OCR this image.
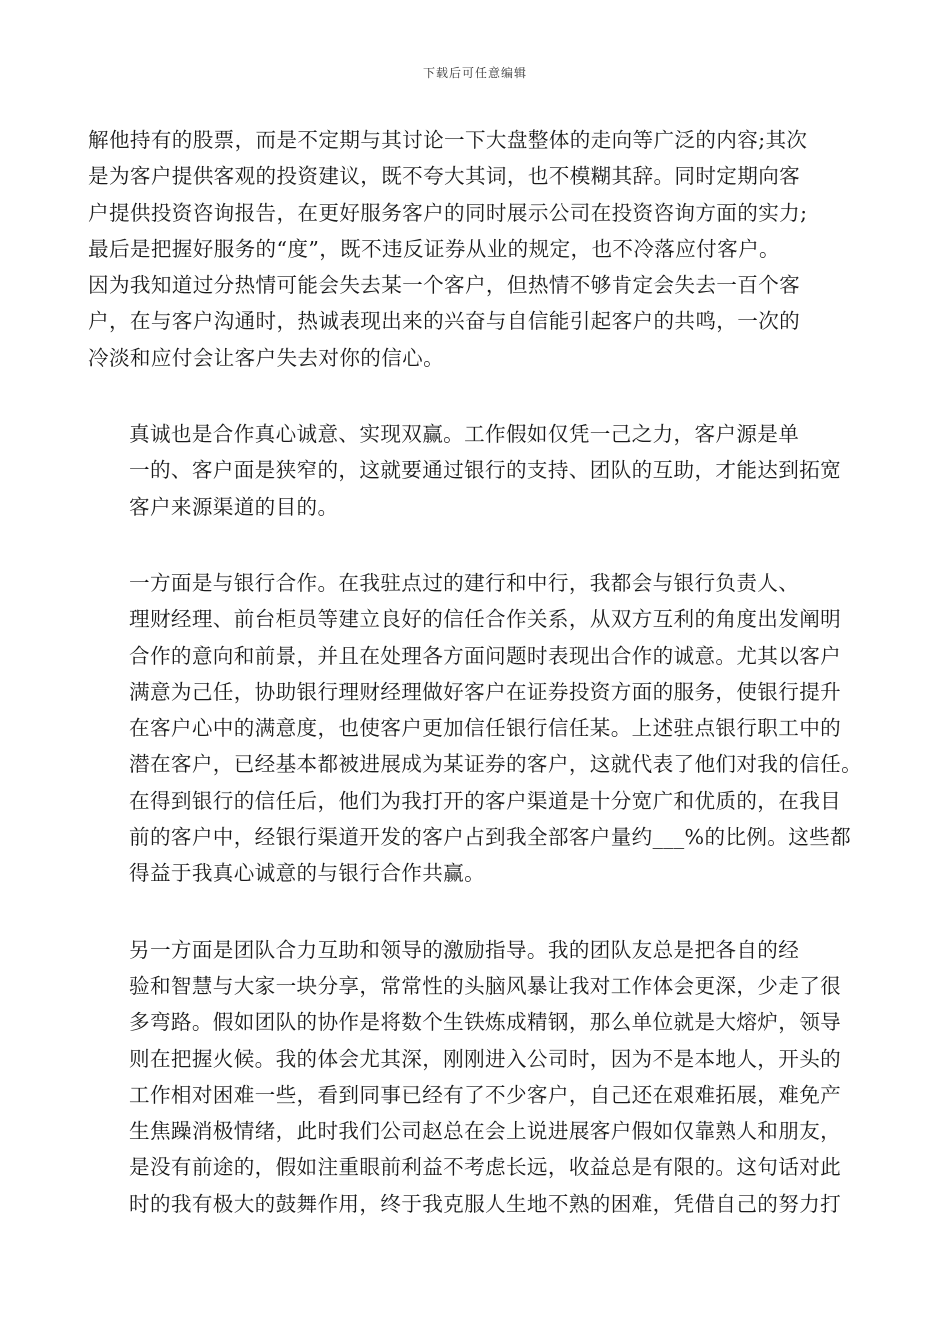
下载后可任意编辑
解他持有的股票，而是不定期与其讨论一下大盘整体的走向等广泛的内容;其次
是为客户提供客观的投资建议，既不夸大其词，也不模糊其辞。同时定期向客
户提供投资咨询报告，在更好服务客户的同时展示公司在投资咨询方面的实力;
最后是把握好服务的“度”，既不违反证券从业的规定，也不冷落应付客户。
因为我知道过分热情可能会失去某一个客户，但热情不够肯定会失去一百个客
户，在与客户沟通时，热诚表现出来的兴奋与自信能引起客户的共鸣，一次的
冷淡和应付会让客户失去对你的信心。
真诚也是合作真心诚意、实现双赢。工作假如仅凭一己之力，客户源是单
一的、客户面是狭窄的，这就要通过银行的支持、团队的互助，才能达到拓宽
客户来源渠道的目的。
一方面是与银行合作。在我驻点过的建行和中行，我都会与银行负责人、
理财经理、前台柜员等建立良好的信任合作关系，从双方互利的角度出发阐明
合作的意向和前景，并且在处理各方面问题时表现出合作的诚意。尤其以客户
满意为己任，协助银行理财经理做好客户在证券投资方面的服务，使银行提升
在客户心中的满意度，也使客户更加信任银行信任某。上述驻点银行职工中的
潜在客户，已经基本都被进展成为某证券的客户，这就代表了他们对我的信任。
在得到银行的信任后，他们为我打开的客户渠道是十分宽广和优质的，在我目
前的客户中，经银行渠道开发的客户占到我全部客户量约___%的比例。这些都
得益于我真心诚意的与银行合作共赢。
另一方面是团队合力互助和领导的激励指导。我的团队友总是把各自的经
验和智慧与大家一块分享，常常性的头脑风暴让我对工作体会更深，少走了很
多弯路。假如团队的协作是将数个生铁炼成精钢，那么单位就是大熔炉，领导
则在把握火候。我的体会尤其深，刚刚进入公司时，因为不是本地人，开头的
工作相对困难一些，看到同事已经有了不少客户，自己还在艰难拓展，难免产
生焦躁消极情绪，此时我们公司赵总在会上说进展客户假如仅靠熟人和朋友，
是没有前途的，假如注重眼前利益不考虑长远，收益总是有限的。这句话对此
时的我有极大的鼓舞作用，终于我克服人生地不熟的困难，凭借自己的努力打
